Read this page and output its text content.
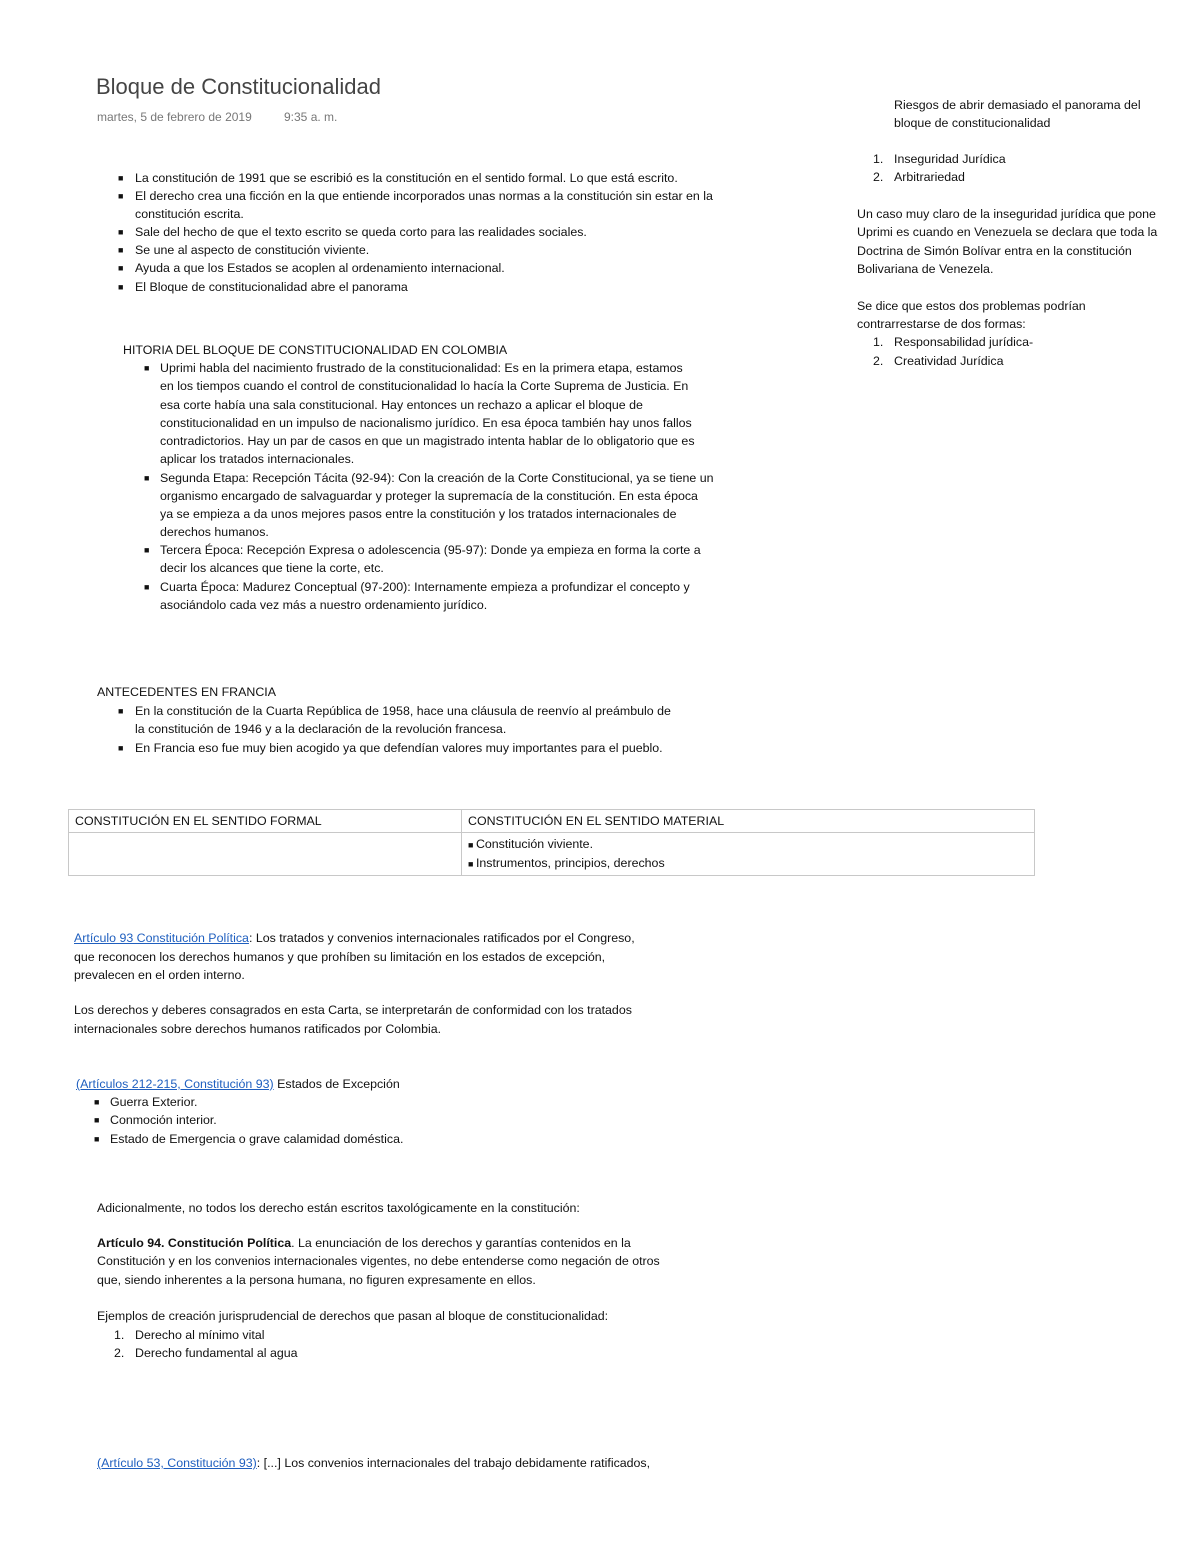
Bloque de Constitucionalidad
martes, 5 de febrero de 2019	9:35 a. m.
■ La constitución de 1991 que se escribió es la constitución en el sentido formal. Lo que está escrito.
■ El derecho crea una ficción en la que entiende incorporados unas normas a la constitución sin estar en la
constitución escrita.
■ Sale del hecho de que el texto escrito se queda corto para las realidades sociales.
■ Se une al aspecto de constitución viviente.
■ Ayuda a que los Estados se acoplen al ordenamiento internacional.
■ El Bloque de constitucionalidad abre el panorama
HITORIA DEL BLOQUE DE CONSTITUCIONALIDAD EN COLOMBIA
■ Uprimi habla del nacimiento frustrado de la constitucionalidad: Es en la primera etapa, estamos
en los tiempos cuando el control de constitucionalidad lo hacía la Corte Suprema de Justicia. En
esa corte había una sala constitucional. Hay entonces un rechazo a aplicar el bloque de
constitucionalidad en un impulso de nacionalismo jurídico. En esa época también hay unos fallos
contradictorios. Hay un par de casos en que un magistrado intenta hablar de lo obligatorio que es
aplicar los tratados internacionales.
■ Segunda Etapa: Recepción Tácita (92-94): Con la creación de la Corte Constitucional, ya se tiene un
organismo encargado de salvaguardar y proteger la supremacía de la constitución. En esta época
ya se empieza a da unos mejores pasos entre la constitución y los tratados internacionales de
derechos humanos.
■ Tercera Época: Recepción Expresa o adolescencia (95-97): Donde ya empieza en forma la corte a
decir los alcances que tiene la corte, etc.
■ Cuarta Época: Madurez Conceptual (97-200): Internamente empieza a profundizar el concepto y
asociándolo cada vez más a nuestro ordenamiento jurídico.
ANTECEDENTES EN FRANCIA
■ En la constitución de la Cuarta República de 1958, hace una cláusula de reenvío al preámbulo de
la constitución de 1946 y a la declaración de la revolución francesa.
■ En Francia eso fue muy bien acogido ya que defendían valores muy importantes para el pueblo.
CONSTITUCIÓN EN EL SENTIDO FORMAL	CONSTITUCIÓN EN EL SENTIDO MATERIAL

	■ Constitución viviente.
■ Instrumentos, principios, derechos
Artículo 93 Constitución Política: Los tratados y convenios internacionales ratificados por el Congreso,
que reconocen los derechos humanos y que prohíben su limitación en los estados de excepción,
prevalecen en el orden interno.
Los derechos y deberes consagrados en esta Carta, se interpretarán de conformidad con los tratados
internacionales sobre derechos humanos ratificados por Colombia.
(Artículos 212-215, Constitución 93) Estados de Excepción
■ Guerra Exterior.
■ Conmoción interior.
■ Estado de Emergencia o grave calamidad doméstica.
Adicionalmente, no todos los derecho están escritos taxológicamente en la constitución:
Artículo 94. Constitución Política. La enunciación de los derechos y garantías contenidos en la
Constitución y en los convenios internacionales vigentes, no debe entenderse como negación de otros
que, siendo inherentes a la persona humana, no figuren expresamente en ellos.
Ejemplos de creación jurisprudencial de derechos que pasan al bloque de constitucionalidad:
1. Derecho al mínimo vital
2. Derecho fundamental al agua
(Artículo 53, Constitución 93): [...] Los convenios internacionales del trabajo debidamente ratificados,
Riesgos de abrir demasiado el panorama del
bloque de constitucionalidad
1. Inseguridad Jurídica
2. Arbitrariedad
Un caso muy claro de la inseguridad jurídica que pone
Uprimi es cuando en Venezuela se declara que toda la
Doctrina de Simón Bolívar entra en la constitución
Bolivariana de Venezela.
Se dice que estos dos problemas podrían
contrarrestarse de dos formas:
1. Responsabilidad jurídica-
2. Creatividad Jurídica
